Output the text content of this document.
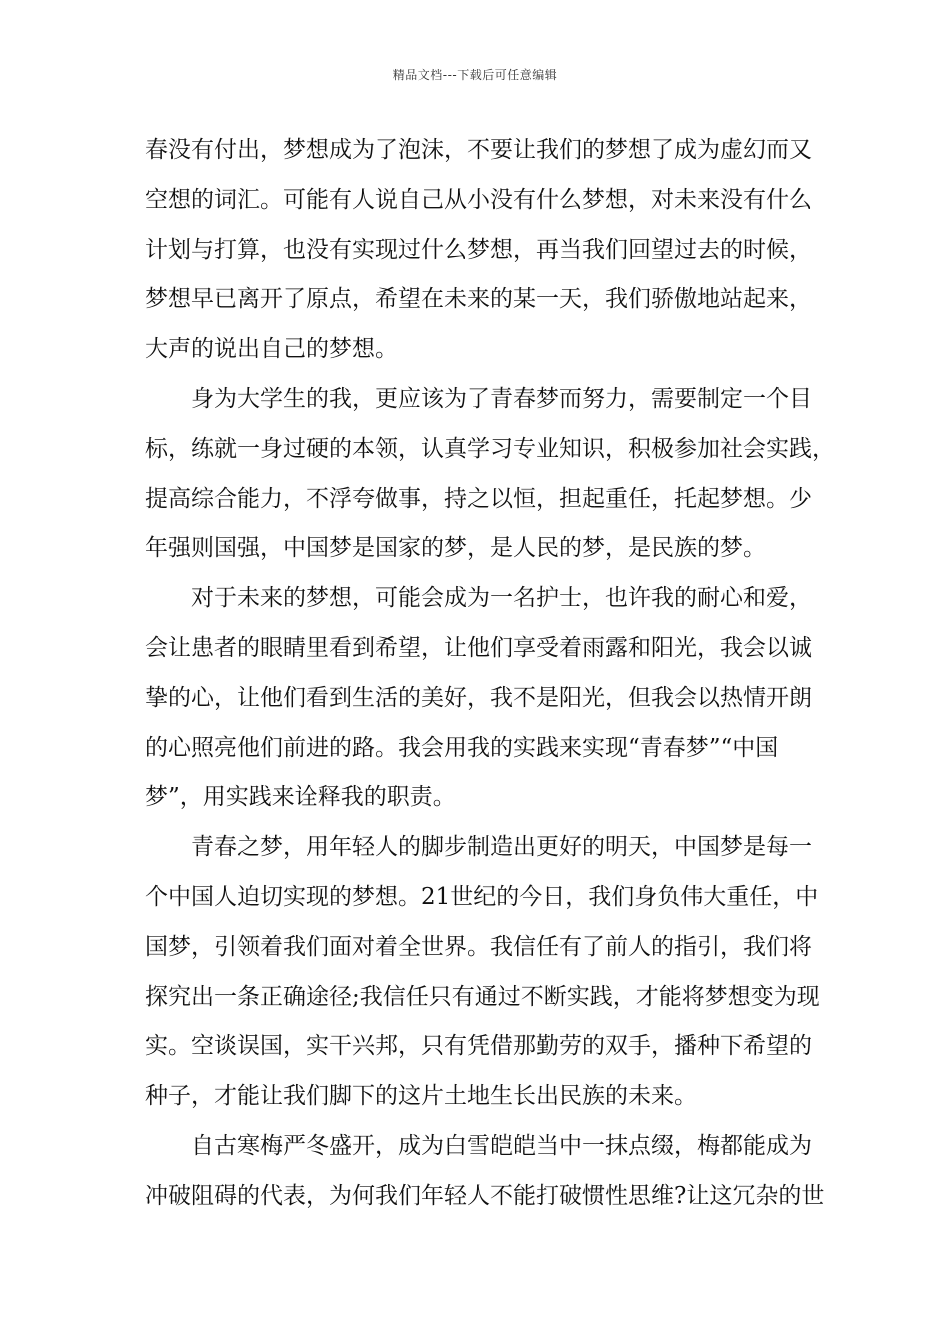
精品文档---下载后可任意编辑
春没有付出，梦想成为了泡沫，不要让我们的梦想了成为虚幻而又
空想的词汇。可能有人说自己从小没有什么梦想，对未来没有什么
计划与打算，也没有实现过什么梦想，再当我们回望过去的时候，
梦想早已离开了原点，希望在未来的某一天，我们骄傲地站起来，
大声的说出自己的梦想。
身为大学生的我，更应该为了青春梦而努力，需要制定一个目
标，练就一身过硬的本领，认真学习专业知识，积极参加社会实践，
提高综合能力，不浮夸做事，持之以恒，担起重任，托起梦想。少
年强则国强，中国梦是国家的梦，是人民的梦，是民族的梦。
对于未来的梦想，可能会成为一名护士，也许我的耐心和爱，
会让患者的眼睛里看到希望，让他们享受着雨露和阳光，我会以诚
挚的心，让他们看到生活的美好，我不是阳光，但我会以热情开朗
的心照亮他们前进的路。我会用我的实践来实现“青春梦”“中国
梦”，用实践来诠释我的职责。
青春之梦，用年轻人的脚步制造出更好的明天，中国梦是每一
个中国人迫切实现的梦想。21世纪的今日，我们身负伟大重任，中
国梦，引领着我们面对着全世界。我信任有了前人的指引，我们将
探究出一条正确途径;我信任只有通过不断实践，才能将梦想变为现
实。空谈误国，实干兴邦，只有凭借那勤劳的双手，播种下希望的
种子，才能让我们脚下的这片土地生长出民族的未来。
自古寒梅严冬盛开，成为白雪皑皑当中一抹点缀，梅都能成为
冲破阻碍的代表，为何我们年轻人不能打破惯性思维?让这冗杂的世
